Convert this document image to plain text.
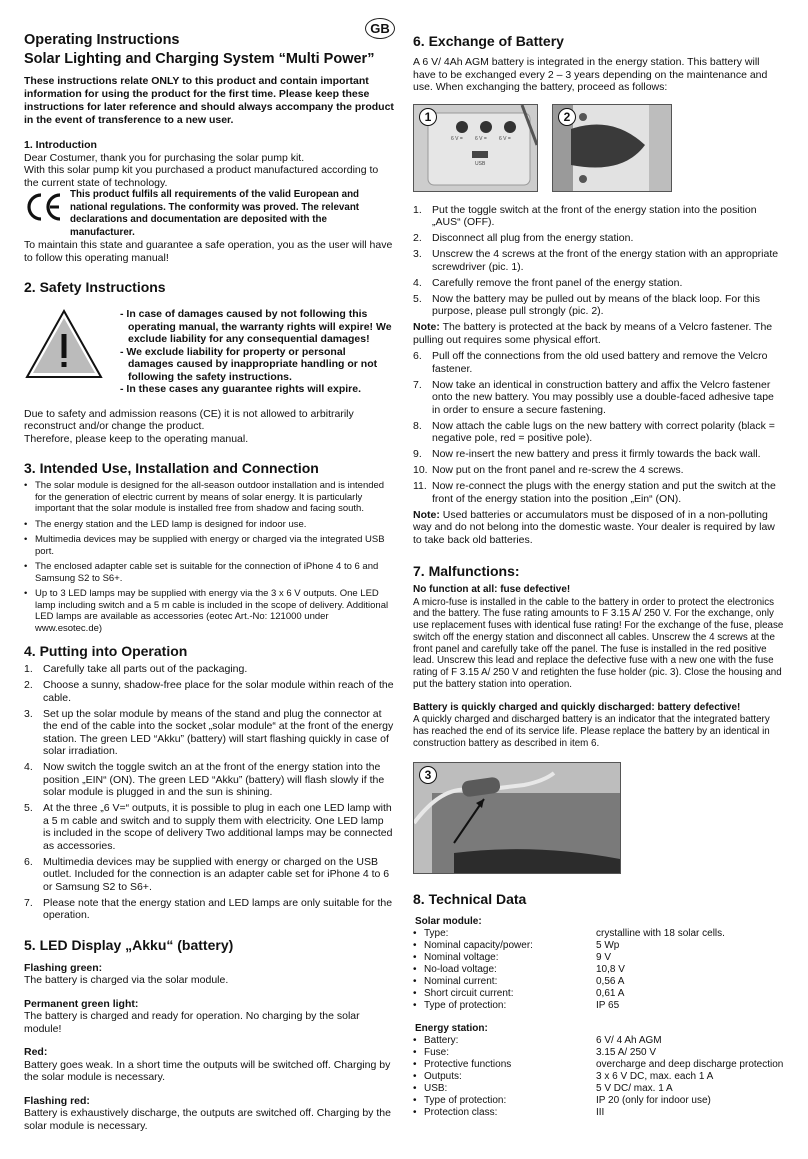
GB
Operating Instructions
Solar Lighting and Charging System “Multi Power”
These instructions relate ONLY to this product and contain important information for using the product for the first time. Please keep these instructions for later reference and should always accompany the product in the event of transference to a new user.
1. Introduction
Dear Costumer, thank you for purchasing the solar pump kit.
With this solar pump kit you purchased a product manufactured according to the current state of technology.
This product fulfils all requirements of the valid European and national regulations. The conformity was proved. The relevant declarations and documentation are deposited with the manufacturer.
To maintain this state and guarantee a safe operation, you as the user will have to follow this operating manual!
2. Safety Instructions
- In case of damages caused by not following this operating manual, the warranty rights will expire! We exclude liability for any consequential damages!
- We exclude liability for property or personal damages caused by inappropriate handling or not following the safety instructions.
- In these cases any guarantee rights will expire.
Due to safety and admission reasons (CE) it is not allowed to arbitrarily reconstruct and/or change the product.
Therefore, please keep to the operating manual.
3. Intended Use, Installation and Connection
• The solar module is designed for the all-season outdoor installation and is intended for the generation of electric current by means of solar energy. It is particularly important that the solar module is installed free from shadow and facing south.
• The energy station and the LED lamp is designed for indoor use.
• Multimedia devices may be supplied with energy or charged via the integrated USB port.
• The enclosed adapter cable set is suitable for the connection of iPhone 4 to 6 and Samsung S2 to S6+.
• Up to 3 LED lamps may be supplied with energy via the 3 x 6 V outputs. One LED lamp including switch and a 5 m cable is included in the scope of delivery. Additional LED lamps are available as accessories (eotec Art.-No: 121000 under www.esotec.de)
4. Putting into Operation
1. Carefully take all parts out of the packaging.
2. Choose a sunny, shadow-free place for the solar module within reach of the cable.
3. Set up the solar module by means of the stand and plug the connector at the end of the cable into the socket „solar module“ at the front of the energy station. The green LED “Akku” (battery) will start flashing quickly in case of solar irradiation.
4. Now switch the toggle switch an at the front of the energy station into the position „EIN“ (ON). The green LED “Akku” (battery) will flash slowly if the solar module is plugged in and the sun is shining.
5. At the three „6 V=“ outputs, it is possible to plug in each one LED lamp with a 5 m cable and switch and to supply them with electricity. One LED lamp is included in the scope of delivery Two additional lamps may be connected as accessories.
6. Multimedia devices may be supplied with energy or charged on the USB outlet. Included for the connection is an adapter cable set for iPhone 4 to 6 or Samsung S2 to S6+.
7. Please note that the energy station and LED lamps are only suitable for the operation.
5. LED Display „Akku“ (battery)
Flashing green:
The battery is charged via the solar module.
Permanent green light:
The battery is charged and ready for operation. No charging by the solar module!
Red:
Battery goes weak. In a short time the outputs will be switched off. Charging by the solar module is necessary.
Flashing red:
Battery is exhaustively discharge, the outputs are switched off. Charging by the solar module is necessary.
6. Exchange of Battery
A 6 V/ 4Ah AGM battery is integrated in the energy station. This battery will have to be exchanged every 2 – 3 years depending on the maintenance and use. When exchanging the battery, proceed as follows:
6 V = 6 V = 6 V =
USB
1	2
1. Put the toggle switch at the front of the energy station into the position „AUS“ (OFF).
2. Disconnect all plug from the energy station.
3. Unscrew the 4 screws at the front of the energy station with an appropriate screwdriver (pic. 1).
4. Carefully remove the front panel of the energy station.
5. Now the battery may be pulled out by means of the black loop. For this purpose, please pull strongly (pic. 2).
Note: The battery is protected at the back by means of a Velcro fastener. The pulling out requires some physical effort.
6. Pull off the connections from the old used battery and remove the Velcro fastener.
7. Now take an identical in construction battery and affix the Velcro fastener onto the new battery. You may possibly use a double-faced adhesive tape in order to ensure a secure fastening.
8. Now attach the cable lugs on the new battery with correct polarity (black = negative pole, red = positive pole).
9. Now re-insert the new battery and press it firmly towards the back wall.
10. Now put on the front panel and re-screw the 4 screws.
11. Now re-connect the plugs with the energy station and put the switch at the front of the energy station into the position „Ein“ (ON).
Note: Used batteries or accumulators must be disposed of in a non-polluting way and do not belong into the domestic waste. Your dealer is required by law to take back old batteries.
7. Malfunctions:
No function at all: fuse defective!
A micro-fuse is installed in the cable to the battery in order to protect the electronics and the battery. The fuse rating amounts to F 3.15 A/ 250 V. For the exchange, only use replacement fuses with identical fuse rating! For the exchange of the fuse, please switch off the energy station and disconnect all cables. Unscrew the 4 screws at the front panel and carefully take off the panel. The fuse is installed in the red positive lead. Unscrew this lead and replace the defective fuse with a new one with the fuse rating of F 3.15 A/ 250 V and retighten the fuse holder (pic. 3). Close the housing and put the battery station into operation.
Battery is quickly charged and quickly discharged: battery defective!
A quickly charged and discharged battery is an indicator that the integrated battery has reached the end of its service life. Please replace the battery by an identical in construction battery as described in item 6.
3
8. Technical Data
Solar module:
• Type:	crystalline with 18 solar cells.
• Nominal capacity/power:	5 Wp
• Nominal voltage:	9 V
• No-load voltage:	10,8 V
• Nominal current:	0,56 A
• Short circuit current:	0,61 A
• Type of protection:	IP 65
Energy station:
• Battery:	6 V/ 4 Ah AGM
• Fuse:	3.15 A/ 250 V
• Protective functions	overcharge and deep discharge protection
• Outputs:	3 x 6 V DC, max. each 1 A
• USB:	5 V DC/ max. 1 A
• Type of protection:	IP 20 (only for indoor use)
• Protection class:	III
